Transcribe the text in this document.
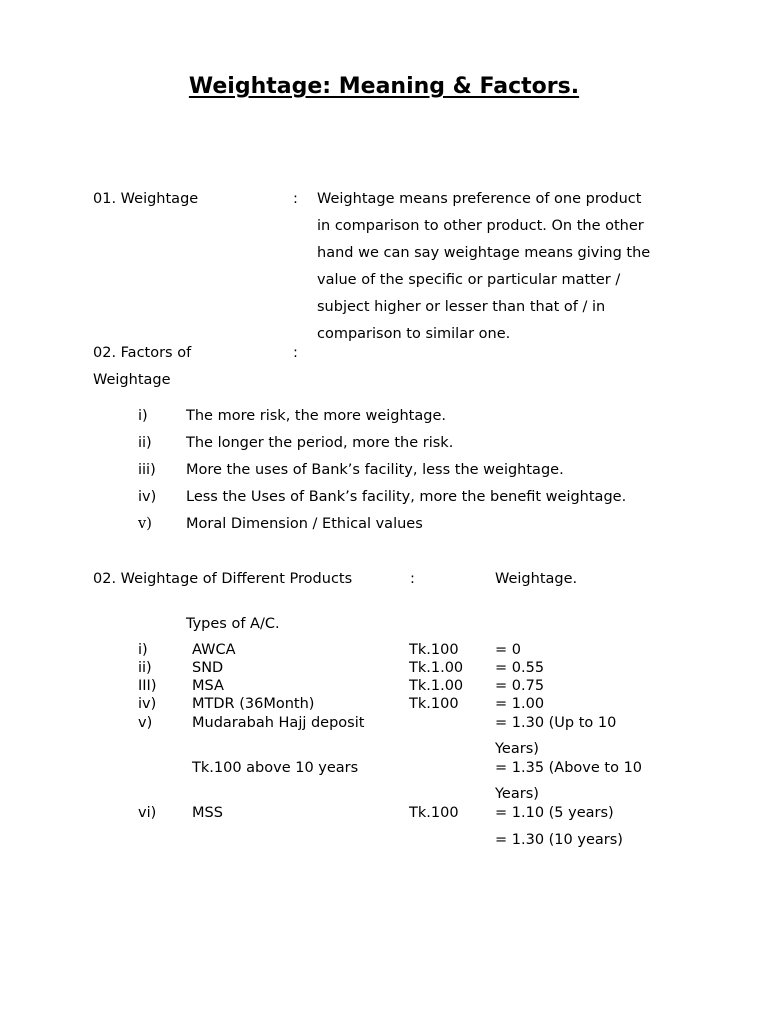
Weightage: Meaning & Factors.
01. Weightage	: Weightage means preference of one product
in comparison to other product. On the other
hand we can say weightage means giving the
value of the specific or particular matter /
subject higher or lesser than that of / in
comparison to similar one.
02. Factors of	:
Weightage
i)	The more risk, the more weightage.
ii) The longer the period, more the risk.
iii) More the uses of Bank’s facility, less the weightage.
iv) Less the Uses of Bank’s facility, more the benefit weightage.
v) Moral Dimension / Ethical values
02. Weightage of Different Products	:	Weightage.
Types of A/C.
i)	AWCA	Tk.100	= 0
ii)	SND	Tk.1.00 = 0.55
III) MSA	Tk.1.00 = 0.75
iv) MTDR (36Month)	Tk.100	= 1.00
v)	Mudarabah Hajj deposit	= 1.30 (Up to 10
Years)
Tk.100 above 10 years	= 1.35 (Above to 10
Years)
vi) MSS	Tk.100	= 1.10 (5 years)
= 1.30 (10 years)
